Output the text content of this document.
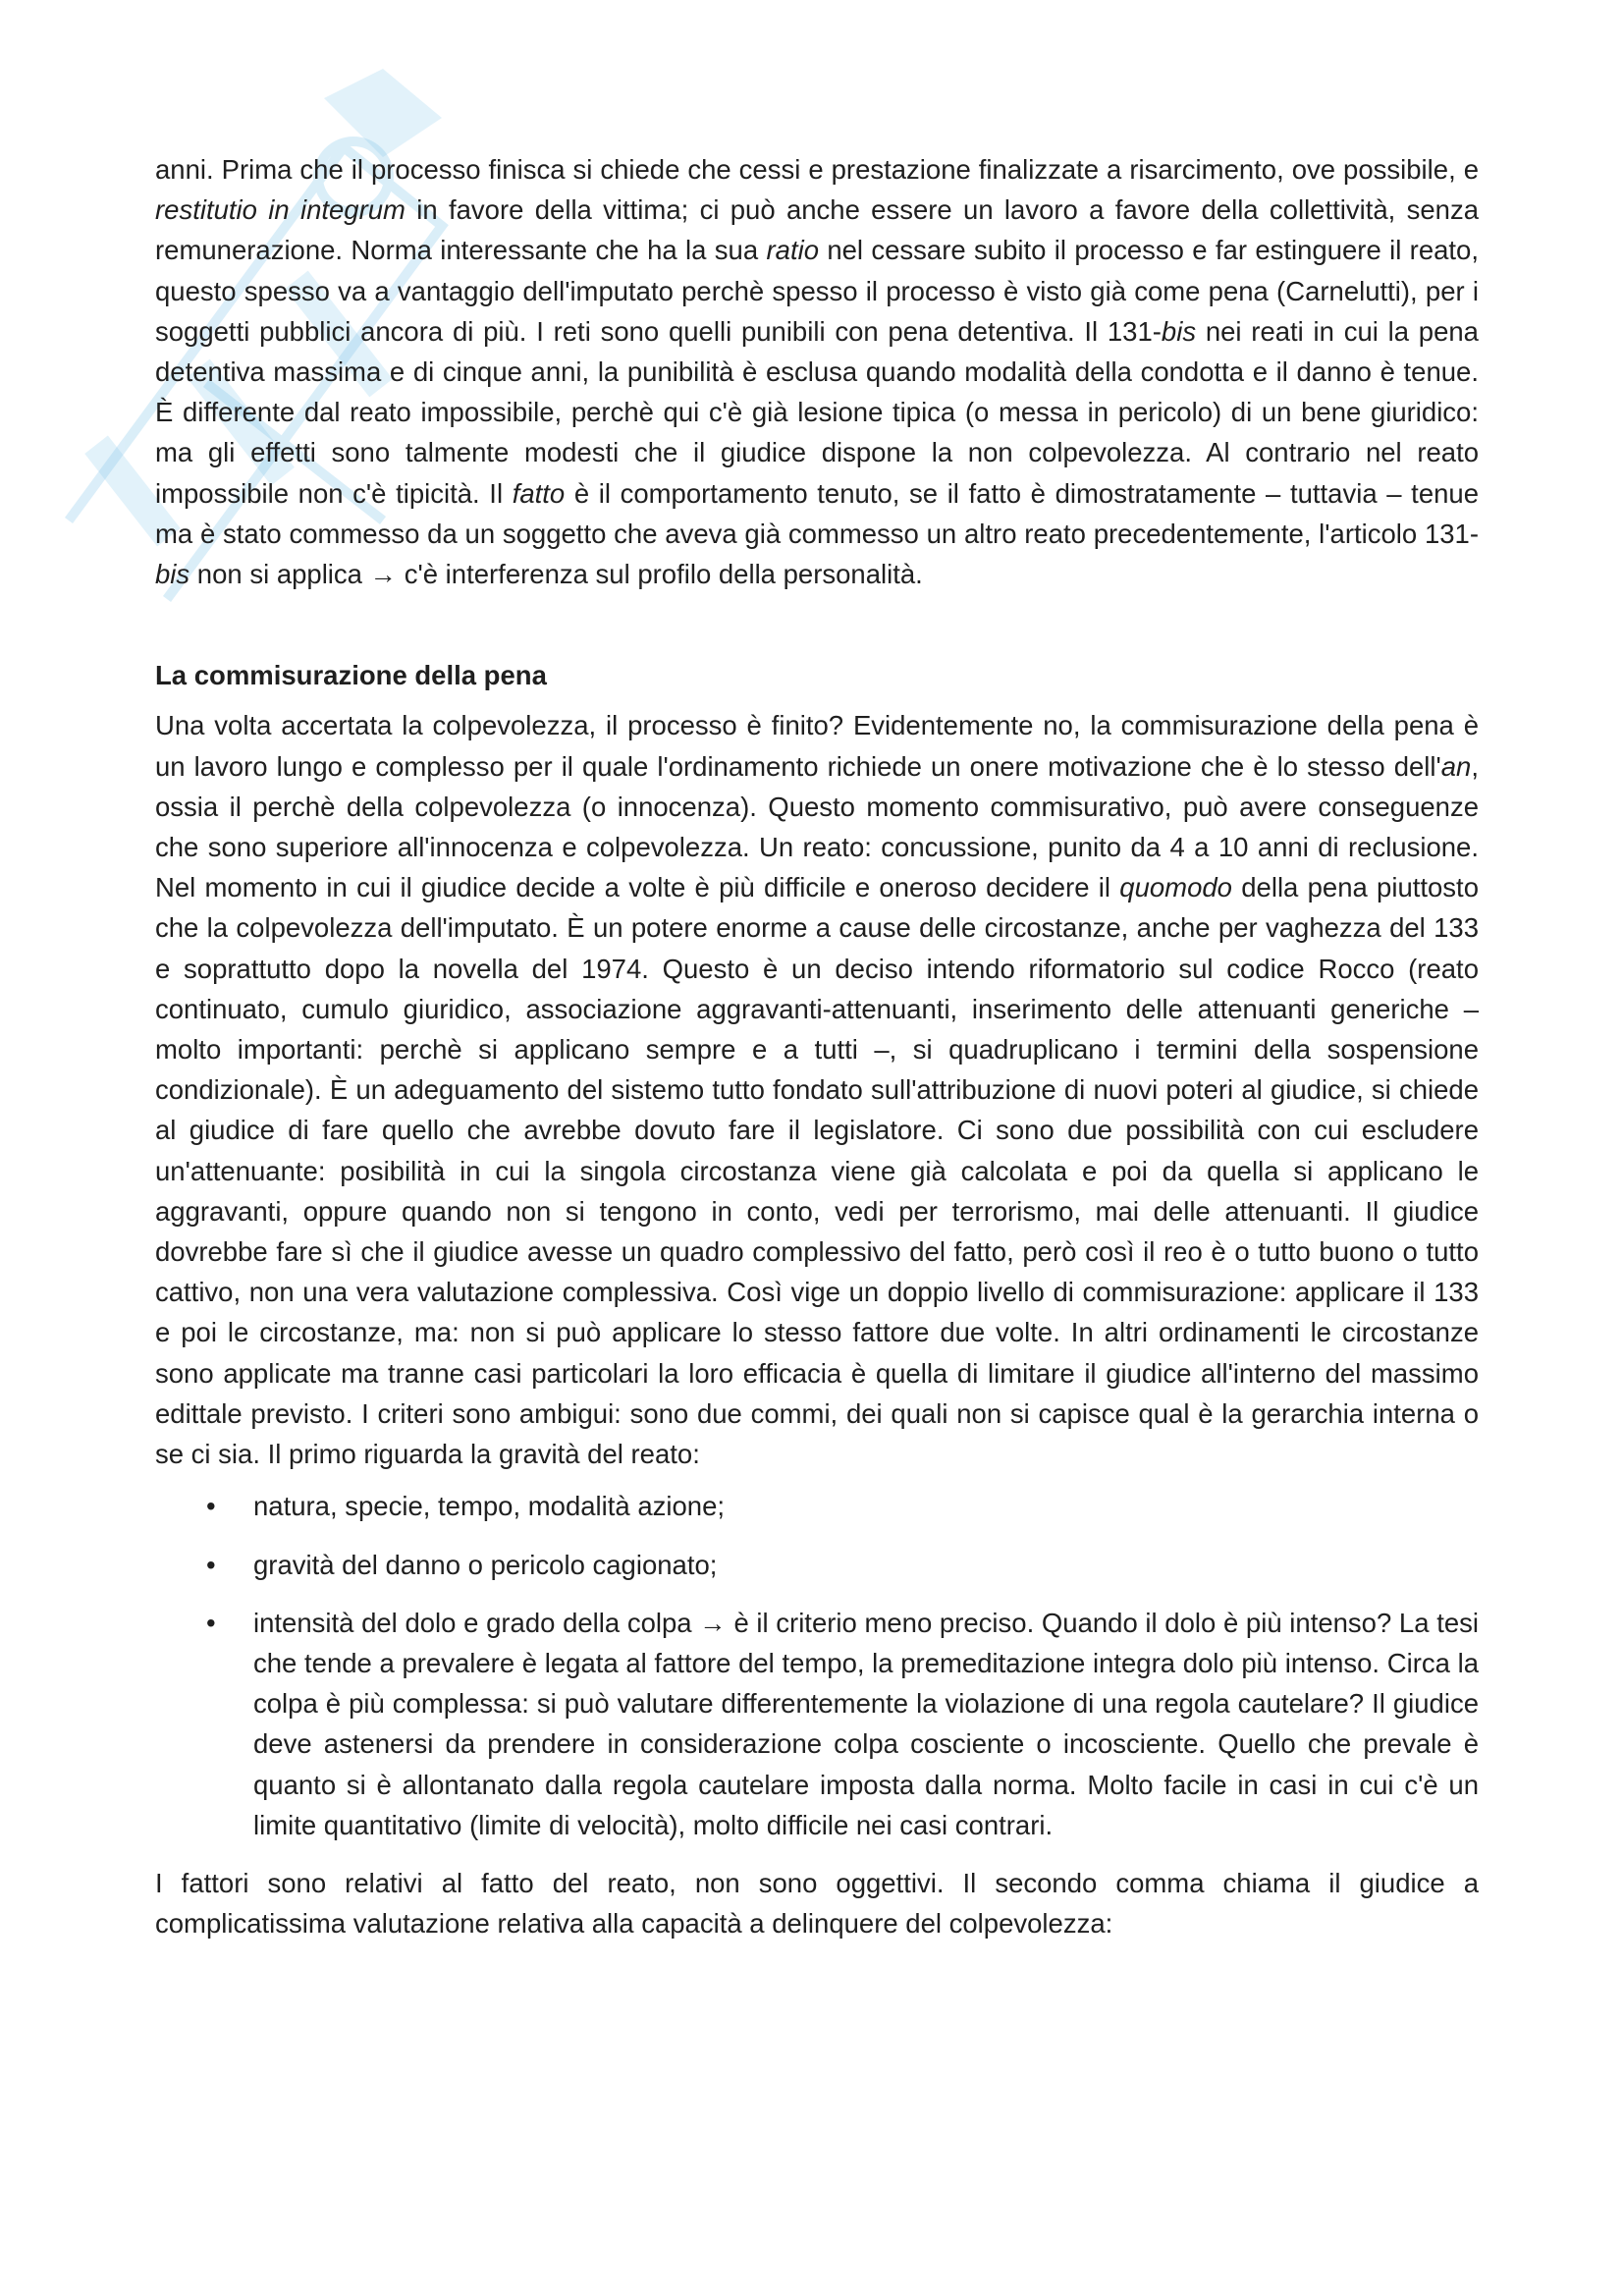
anni. Prima che il processo finisca si chiede che cessi e prestazione finalizzate a risarcimento, ove possibile, e restitutio in integrum in favore della vittima; ci può anche essere un lavoro a favore della collettività, senza remunerazione. Norma interessante che ha la sua ratio nel cessare subito il processo e far estinguere il reato, questo spesso va a vantaggio dell'imputato perchè spesso il processo è visto già come pena (Carnelutti), per i soggetti pubblici ancora di più. I reti sono quelli punibili con pena detentiva. Il 131-bis nei reati in cui la pena detentiva massima e di cinque anni, la punibilità è esclusa quando modalità della condotta e il danno è tenue. È differente dal reato impossibile, perchè qui c'è già lesione tipica (o messa in pericolo) di un bene giuridico: ma gli effetti sono talmente modesti che il giudice dispone la non colpevolezza. Al contrario nel reato impossibile non c'è tipicità. Il fatto è il comportamento tenuto, se il fatto è dimostratamente – tuttavia – tenue ma è stato commesso da un soggetto che aveva già commesso un altro reato precedentemente, l'articolo 131-bis non si applica → c'è interferenza sul profilo della personalità.

La commisurazione della pena

Una volta accertata la colpevolezza, il processo è finito? Evidentemente no, la commisurazione della pena è un lavoro lungo e complesso per il quale l'ordinamento richiede un onere motivazione che è lo stesso dell'an, ossia il perchè della colpevolezza (o innocenza). Questo momento commisurativo, può avere conseguenze che sono superiore all'innocenza e colpevolezza. Un reato: concussione, punito da 4 a 10 anni di reclusione. Nel momento in cui il giudice decide a volte è più difficile e oneroso decidere il quomodo della pena piuttosto che la colpevolezza dell'imputato. È un potere enorme a cause delle circostanze, anche per vaghezza del 133 e soprattutto dopo la novella del 1974. Questo è un deciso intendo riformatorio sul codice Rocco (reato continuato, cumulo giuridico, associazione aggravanti-attenuanti, inserimento delle attenuanti generiche – molto importanti: perchè si applicano sempre e a tutti –, si quadruplicano i termini della sospensione condizionale). È un adeguamento del sistemo tutto fondato sull'attribuzione di nuovi poteri al giudice, si chiede al giudice di fare quello che avrebbe dovuto fare il legislatore. Ci sono due possibilità con cui escludere un'attenuante: posibilità in cui la singola circostanza viene già calcolata e poi da quella si applicano le aggravanti, oppure quando non si tengono in conto, vedi per terrorismo, mai delle attenuanti. Il giudice dovrebbe fare sì che il giudice avesse un quadro complessivo del fatto, però così il reo è o tutto buono o tutto cattivo, non una vera valutazione complessiva. Così vige un doppio livello di commisurazione: applicare il 133 e poi le circostanze, ma: non si può applicare lo stesso fattore due volte. In altri ordinamenti le circostanze sono applicate ma tranne casi particolari la loro efficacia è quella di limitare il giudice all'interno del massimo edittale previsto. I criteri sono ambigui: sono due commi, dei quali non si capisce qual è la gerarchia interna o se ci sia. Il primo riguarda la gravità del reato:

• natura, specie, tempo, modalità azione;
• gravità del danno o pericolo cagionato;
• intensità del dolo e grado della colpa → è il criterio meno preciso. Quando il dolo è più intenso? La tesi che tende a prevalere è legata al fattore del tempo, la premeditazione integra dolo più intenso. Circa la colpa è più complessa: si può valutare differentemente la violazione di una regola cautelare? Il giudice deve astenersi da prendere in considerazione colpa cosciente o incosciente. Quello che prevale è quanto si è allontanato dalla regola cautelare imposta dalla norma. Molto facile in casi in cui c'è un limite quantitativo (limite di velocità), molto difficile nei casi contrari.

I fattori sono relativi al fatto del reato, non sono oggettivi. Il secondo comma chiama il giudice a complicatissima valutazione relativa alla capacità a delinquere del colpevolezza:
